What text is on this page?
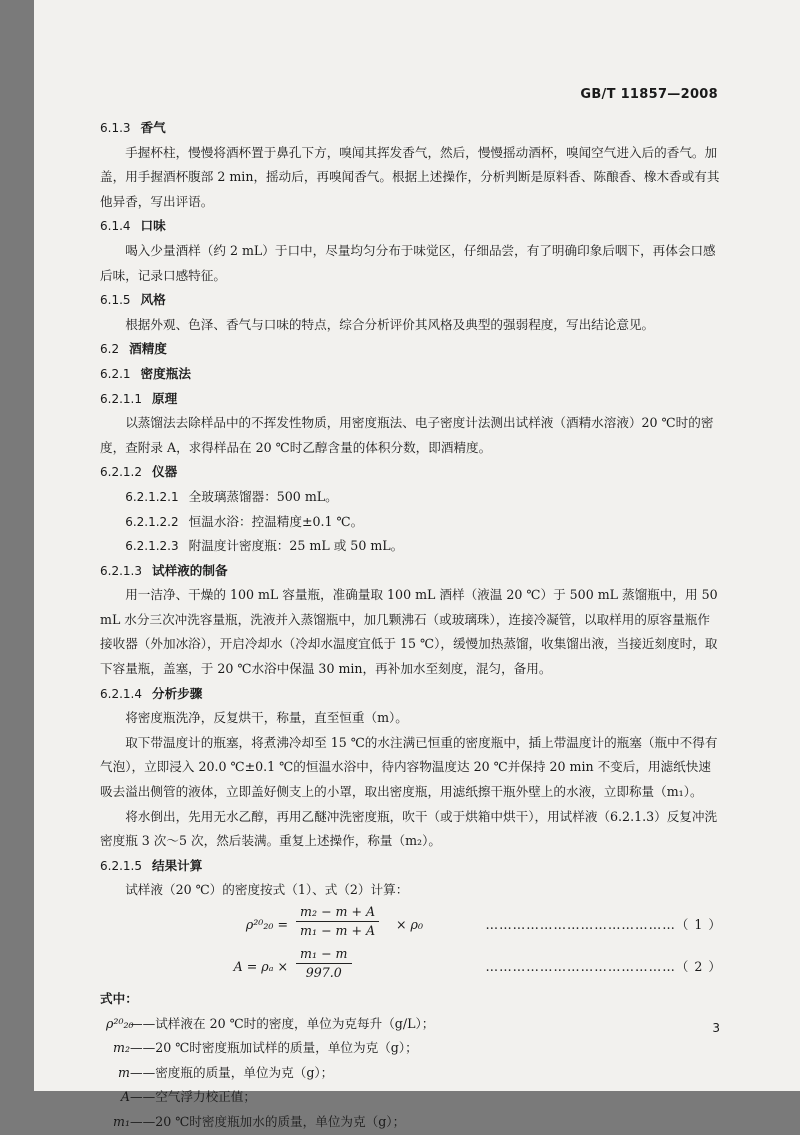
GB/T 11857—2008

6.1.3 香气

手握杯柱，慢慢将酒杯置于鼻孔下方，嗅闻其挥发香气，然后，慢慢摇动酒杯，嗅闻空气进入后的香气。加盖，用手握酒杯腹部 2 min，摇动后，再嗅闻香气。根据上述操作，分析判断是原料香、陈酿香、橡木香或有其他异香，写出评语。

6.1.4 口味

喝入少量酒样（约 2 mL）于口中，尽量均匀分布于味觉区，仔细品尝，有了明确印象后咽下，再体会口感后味，记录口感特征。

6.1.5 风格

根据外观、色泽、香气与口味的特点，综合分析评价其风格及典型的强弱程度，写出结论意见。

6.2 酒精度

6.2.1 密度瓶法

6.2.1.1 原理

以蒸馏法去除样品中的不挥发性物质，用密度瓶法、电子密度计法测出试样液（酒精水溶液）20 ℃时的密度，查附录 A，求得样品在 20 ℃时乙醇含量的体积分数，即酒精度。

6.2.1.2 仪器

6.2.1.2.1 全玻璃蒸馏器：500 mL。

6.2.1.2.2 恒温水浴：控温精度±0.1 ℃。

6.2.1.2.3 附温度计密度瓶：25 mL 或 50 mL。

6.2.1.3 试样液的制备

用一洁净、干燥的 100 mL 容量瓶，准确量取 100 mL 酒样（液温 20 ℃）于 500 mL 蒸馏瓶中，用 50 mL 水分三次冲洗容量瓶，洗液并入蒸馏瓶中，加几颗沸石（或玻璃珠），连接冷凝管，以取样用的原容量瓶作接收器（外加冰浴），开启冷却水（冷却水温度宜低于 15 ℃），缓慢加热蒸馏，收集馏出液，当接近刻度时，取下容量瓶，盖塞，于 20 ℃水浴中保温 30 min，再补加水至刻度，混匀，备用。

6.2.1.4 分析步骤

将密度瓶洗净，反复烘干，称量，直至恒重（m）。

取下带温度计的瓶塞，将煮沸冷却至 15 ℃的水注满已恒重的密度瓶中，插上带温度计的瓶塞（瓶中不得有气泡），立即浸入 20.0 ℃±0.1 ℃的恒温水浴中，待内容物温度达 20 ℃并保持 20 min 不变后，用滤纸快速吸去溢出侧管的液体，立即盖好侧支上的小罩，取出密度瓶，用滤纸擦干瓶外壁上的水液，立即称量（m₁）。

将水倒出，先用无水乙醇，再用乙醚冲洗密度瓶，吹干（或于烘箱中烘干），用试样液（6.2.1.3）反复冲洗密度瓶 3 次～5 次，然后装满。重复上述操作，称量（m₂）。

6.2.1.5 结果计算

试样液（20 ℃）的密度按式（1）、式（2）计算：

$\rho^{20}_{20} = \frac{\text{m₂ − m + A}}{\text{m₁ − m + A}} \times \rho_0$	……………………………………（ 1 ）
$A = \rho_a \times \frac{\text{m₁ − m}}{997.0}$	……………………………………（ 2 ）

式中：

ρ²⁰₂₀——试样液在 20 ℃时的密度，单位为克每升（g/L）；

m₂——20 ℃时密度瓶加试样的质量，单位为克（g）；

m——密度瓶的质量，单位为克（g）；

A——空气浮力校正值；

m₁——20 ℃时密度瓶加水的质量，单位为克（g）；

3
